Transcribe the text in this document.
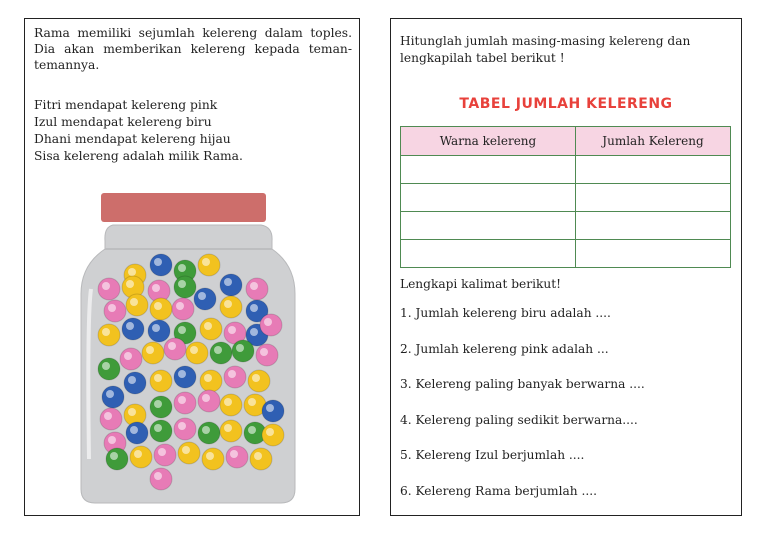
Rama memiliki sejumlah kelereng dalam toples. Dia akan memberikan kelereng kepada teman-temannya.

Fitri mendapat kelereng pink
Izul mendapat kelereng biru
Dhani mendapat kelereng hijau
Sisa kelereng adalah milik Rama.

Hitunglah jumlah masing-masing kelereng dan lengkapilah tabel berikut !

TABEL JUMLAH KELERENG
Warna kelereng	Jumlah Kelereng

Lengkapi kalimat berikut!

1. Jumlah kelereng biru adalah ....
2. Jumlah kelereng pink adalah ...
3. Kelereng paling banyak berwarna ....
4. Kelereng paling sedikit berwarna....
5. Kelereng Izul berjumlah ....
6. Kelereng Rama berjumlah ....
